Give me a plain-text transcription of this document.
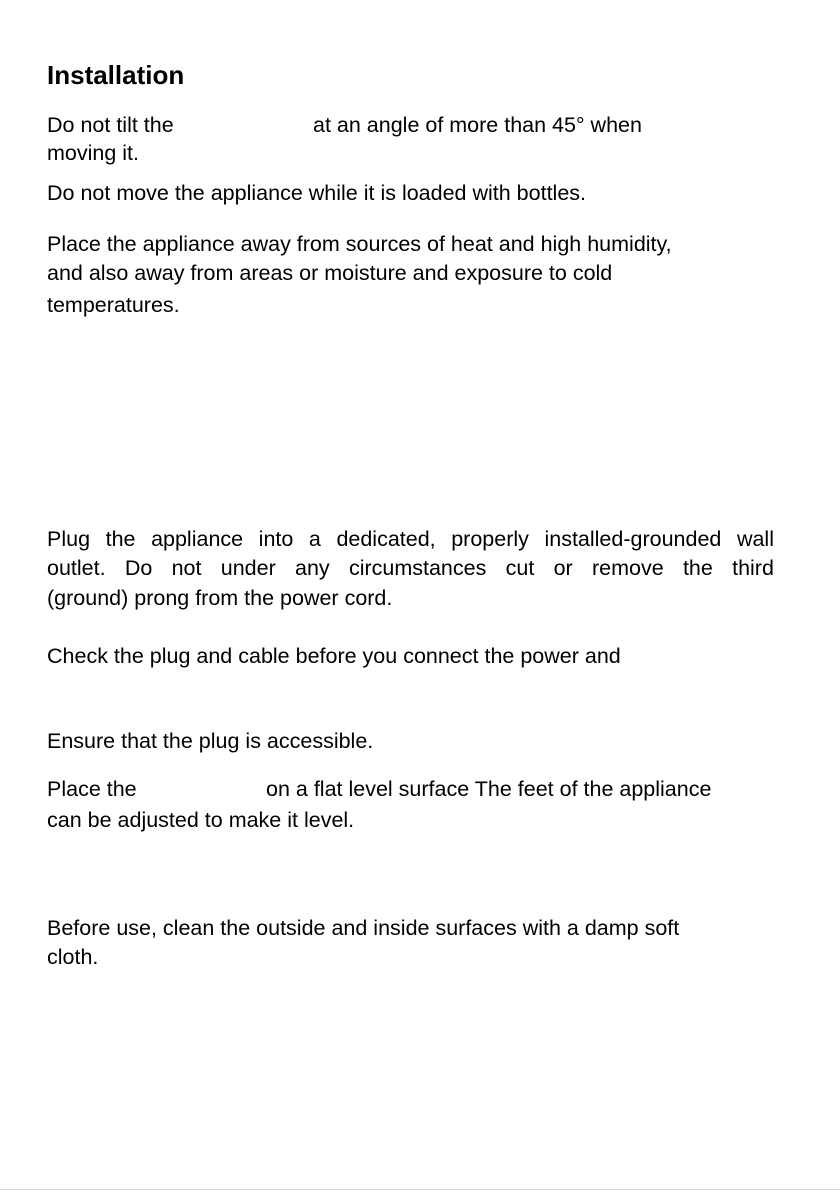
Installation

Do not tilt the	at an angle of more than 45° when

moving it.

Do not move the appliance while it is loaded with bottles.

Place the appliance away from sources of heat and high humidity,

and also away from areas or moisture and exposure to cold

temperatures.

Plug the appliance into a dedicated, properly installed-grounded wall
outlet. Do not under any circumstances cut or remove the third

(ground) prong from the power cord.

Check the plug and cable before you connect the power and

Ensure that the plug is accessible.

Place the	on a flat level surface The feet of the appliance

can be adjusted to make it level.

Before use, clean the outside and inside surfaces with a damp soft

cloth.
